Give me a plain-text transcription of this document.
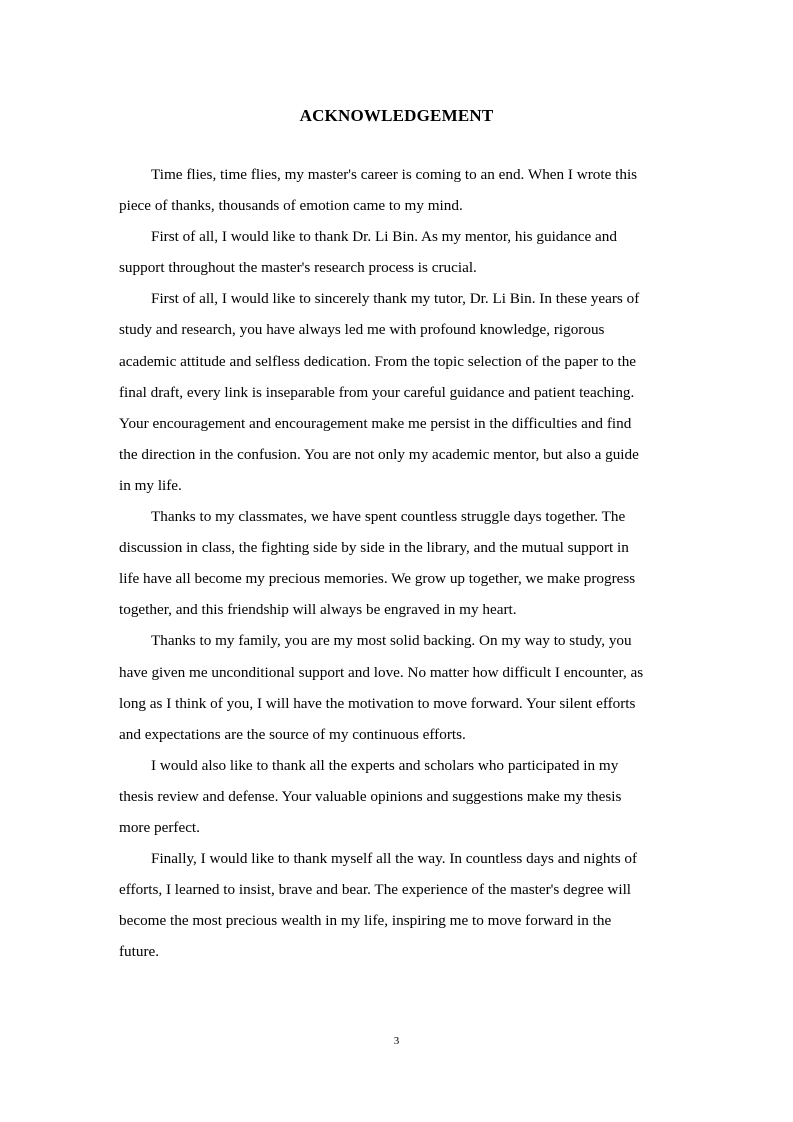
ACKNOWLEDGEMENT

Time flies, time flies, my master's career is coming to an end. When I wrote this
piece of thanks, thousands of emotion came to my mind.

First of all, I would like to thank Dr. Li Bin. As my mentor, his guidance and
support throughout the master's research process is crucial.

First of all, I would like to sincerely thank my tutor, Dr. Li Bin. In these years of
study and research, you have always led me with profound knowledge, rigorous
academic attitude and selfless dedication. From the topic selection of the paper to the
final draft, every link is inseparable from your careful guidance and patient teaching.
Your encouragement and encouragement make me persist in the difficulties and find
the direction in the confusion. You are not only my academic mentor, but also a guide
in my life.

Thanks to my classmates, we have spent countless struggle days together. The
discussion in class, the fighting side by side in the library, and the mutual support in
life have all become my precious memories. We grow up together, we make progress
together, and this friendship will always be engraved in my heart.

Thanks to my family, you are my most solid backing. On my way to study, you
have given me unconditional support and love. No matter how difficult I encounter, as
long as I think of you, I will have the motivation to move forward. Your silent efforts
and expectations are the source of my continuous efforts.

I would also like to thank all the experts and scholars who participated in my
thesis review and defense. Your valuable opinions and suggestions make my thesis
more perfect.

Finally, I would like to thank myself all the way. In countless days and nights of
efforts, I learned to insist, brave and bear. The experience of the master's degree will
become the most precious wealth in my life, inspiring me to move forward in the
future.

3
